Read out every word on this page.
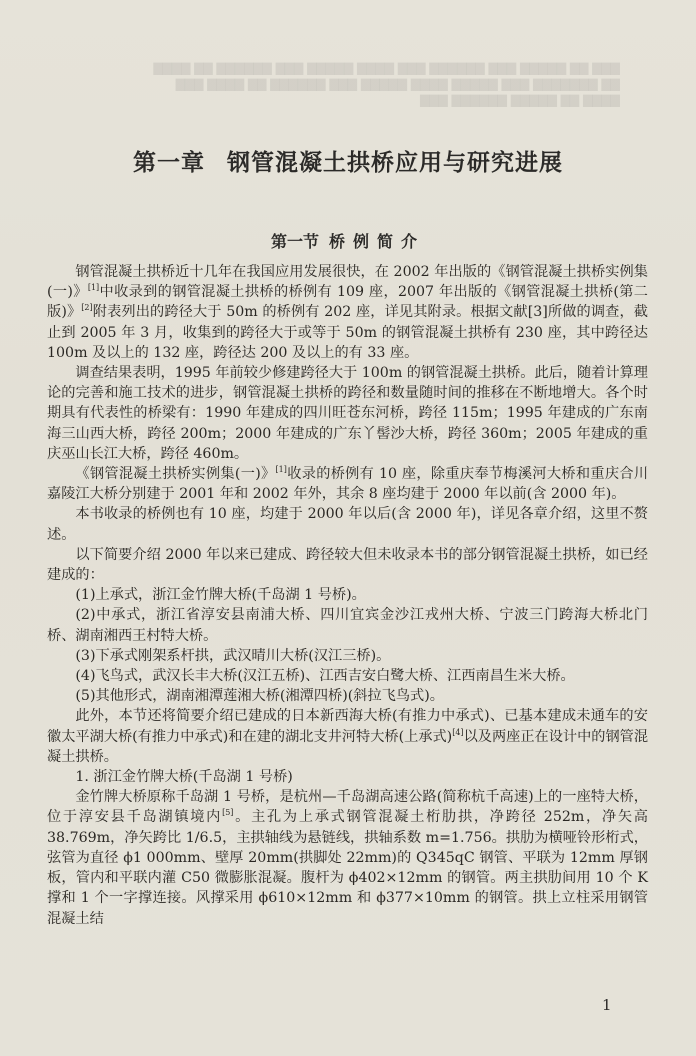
▇▇▇ ▇▇ ▇▇▇▇▇ ▇▇▇ ▇▇▇▇▇▇ ▇▇▇ ▇▇▇▇ ▇▇▇▇▇ ▇▇▇ ▇▇▇▇▇▇ ▇▇ ▇▇▇▇
▇▇ ▇▇▇▇▇▇▇ ▇▇▇ ▇▇▇▇▇ ▇▇▇▇ ▇▇▇▇▇ ▇▇▇ ▇▇▇▇▇▇ ▇▇ ▇▇▇▇ ▇▇▇
▇▇▇▇ ▇▇ ▇▇▇▇▇ ▇▇▇▇▇▇ ▇▇▇
第一章 钢管混凝土拱桥应用与研究进展
第一节 桥例简介

钢管混凝土拱桥近十几年在我国应用发展很快，在 2002 年出版的《钢管混凝土拱桥实例集(一)》[1]中收录到的钢管混凝土拱桥的桥例有 109 座，2007 年出版的《钢管混凝土拱桥(第二版)》[2]附表列出的跨径大于 50m 的桥例有 202 座，详见其附录。根据文献[3]所做的调查，截止到 2005 年 3 月，收集到的跨径大于或等于 50m 的钢管混凝土拱桥有 230 座，其中跨径达 100m 及以上的 132 座，跨径达 200 及以上的有 33 座。

调查结果表明，1995 年前较少修建跨径大于 100m 的钢管混凝土拱桥。此后，随着计算理论的完善和施工技术的进步，钢管混凝土拱桥的跨径和数量随时间的推移在不断地增大。各个时期具有代表性的桥梁有：1990 年建成的四川旺苍东河桥，跨径 115m；1995 年建成的广东南海三山西大桥，跨径 200m；2000 年建成的广东丫髻沙大桥，跨径 360m；2005 年建成的重庆巫山长江大桥，跨径 460m。

《钢管混凝土拱桥实例集(一)》[1]收录的桥例有 10 座，除重庆奉节梅溪河大桥和重庆合川嘉陵江大桥分别建于 2001 年和 2002 年外，其余 8 座均建于 2000 年以前(含 2000 年)。

本书收录的桥例也有 10 座，均建于 2000 年以后(含 2000 年)，详见各章介绍，这里不赘述。

以下简要介绍 2000 年以来已建成、跨径较大但未收录本书的部分钢管混凝土拱桥，如已经建成的：

(1)上承式，浙江金竹牌大桥(千岛湖 1 号桥)。

(2)中承式，浙江省淳安县南浦大桥、四川宜宾金沙江戎州大桥、宁波三门跨海大桥北门桥、湖南湘西王村特大桥。

(3)下承式刚架系杆拱，武汉晴川大桥(汉江三桥)。

(4)飞鸟式，武汉长丰大桥(汉江五桥)、江西吉安白鹭大桥、江西南昌生米大桥。

(5)其他形式，湖南湘潭莲湘大桥(湘潭四桥)(斜拉飞鸟式)。

此外，本节还将简要介绍已建成的日本新西海大桥(有推力中承式)、已基本建成未通车的安徽太平湖大桥(有推力中承式)和在建的湖北支井河特大桥(上承式)[4]以及两座正在设计中的钢管混凝土拱桥。

1. 浙江金竹牌大桥(千岛湖 1 号桥)

金竹牌大桥原称千岛湖 1 号桥，是杭州—千岛湖高速公路(简称杭千高速)上的一座特大桥，位于淳安县千岛湖镇境内[5]。主孔为上承式钢管混凝土桁肋拱，净跨径 252m，净矢高 38.769m，净矢跨比 1/6.5，主拱轴线为悬链线，拱轴系数 m=1.756。拱肋为横哑铃形桁式，弦管为直径 ϕ1 000mm、壁厚 20mm(拱脚处 22mm)的 Q345qC 钢管、平联为 12mm 厚钢板，管内和平联内灌 C50 微膨胀混凝。腹杆为 ϕ402×12mm 的钢管。两主拱肋间用 10 个 K 撑和 1 个一字撑连接。风撑采用 ϕ610×12mm 和 ϕ377×10mm 的钢管。拱上立柱采用钢管混凝土结

1
